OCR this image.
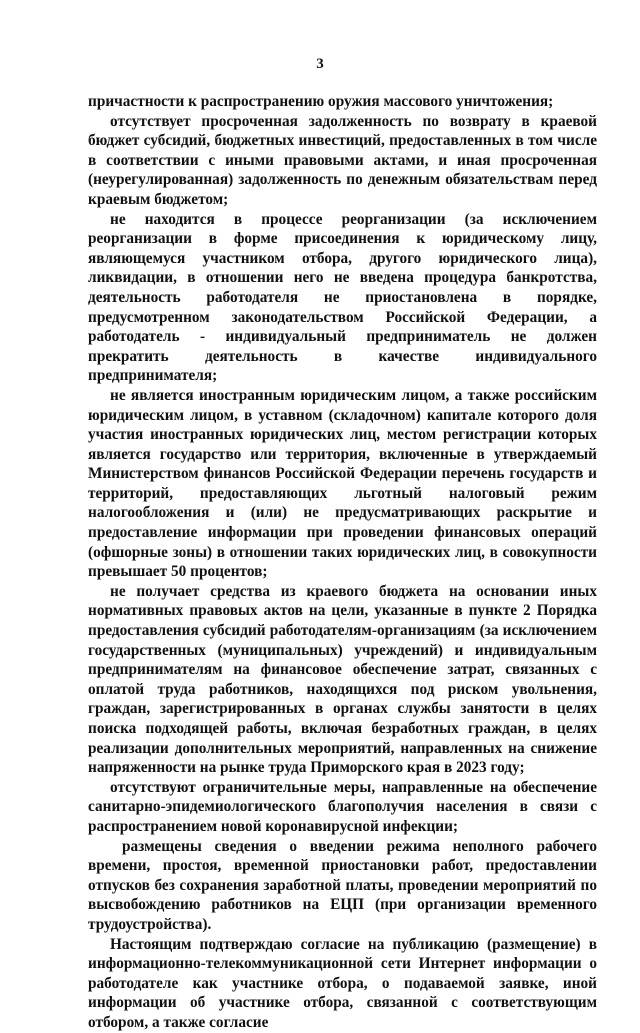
3

причастности к распространению оружия массового уничтожения;

отсутствует просроченная задолженность по возврату в краевой бюджет субсидий, бюджетных инвестиций, предоставленных в том числе в соответствии с иными правовыми актами, и иная просроченная (неурегулированная) задолженность по денежным обязательствам перед краевым бюджетом;

не находится в процессе реорганизации (за исключением реорганизации в форме присоединения к юридическому лицу, являющемуся участником отбора, другого юридического лица), ликвидации, в отношении него не введена процедура банкротства, деятельность работодателя не приостановлена в порядке, предусмотренном законодательством Российской Федерации, а работодатель - индивидуальный предприниматель не должен прекратить деятельность в качестве индивидуального предпринимателя;

не является иностранным юридическим лицом, а также российским юридическим лицом, в уставном (складочном) капитале которого доля участия иностранных юридических лиц, местом регистрации которых является государство или территория, включенные в утверждаемый Министерством финансов Российской Федерации перечень государств и территорий, предоставляющих льготный налоговый режим налогообложения и (или) не предусматривающих раскрытие и предоставление информации при проведении финансовых операций (офшорные зоны) в отношении таких юридических лиц, в совокупности превышает 50 процентов;

не получает средства из краевого бюджета на основании иных нормативных правовых актов на цели, указанные в пункте 2 Порядка предоставления субсидий работодателям-организациям (за исключением государственных (муниципальных) учреждений) и индивидуальным предпринимателям на финансовое обеспечение затрат, связанных с оплатой труда работников, находящихся под риском увольнения, граждан, зарегистрированных в органах службы занятости в целях поиска подходящей работы, включая безработных граждан, в целях реализации дополнительных мероприятий, направленных на снижение напряженности на рынке труда Приморского края в 2023 году;

отсутствуют ограничительные меры, направленные на обеспечение санитарно-эпидемиологического благополучия населения в связи с распространением новой коронавирусной инфекции;

размещены сведения о введении режима неполного рабочего времени, простоя, временной приостановки работ, предоставлении отпусков без сохранения заработной платы, проведении мероприятий по высвобождению работников на ЕЦП (при организации временного трудоустройства).

Настоящим подтверждаю согласие на публикацию (размещение) в информационно-телекоммуникационной сети Интернет информации о работодателе как участнике отбора, о подаваемой заявке, иной информации об участнике отбора, связанной с соответствующим отбором, а также согласие
